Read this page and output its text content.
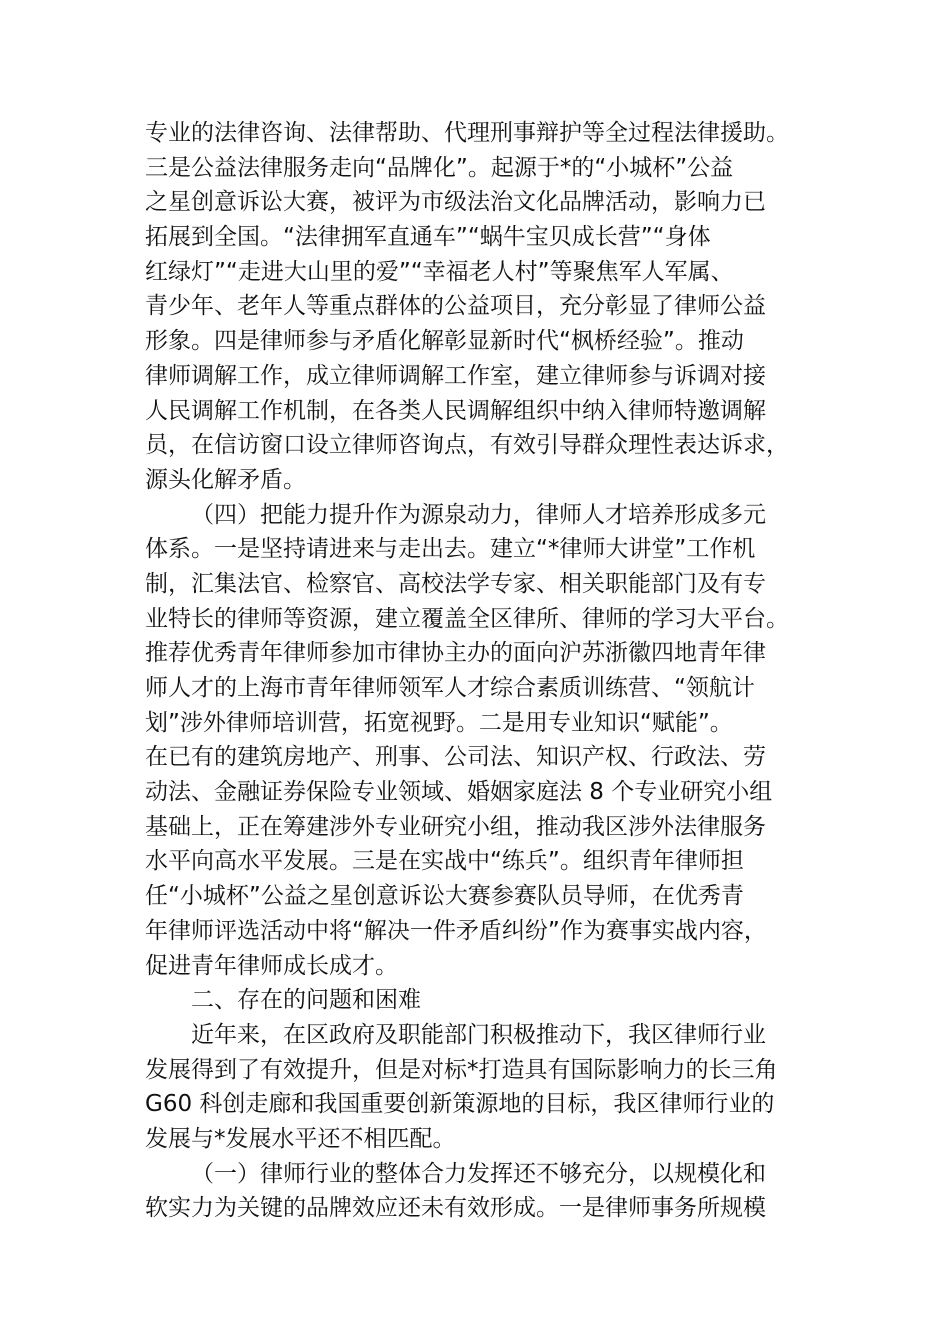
专业的法律咨询、法律帮助、代理刑事辩护等全过程法律援助。
三是公益法律服务走向“品牌化”。起源于*的“小城杯”公益
之星创意诉讼大赛，被评为市级法治文化品牌活动，影响力已
拓展到全国。“法律拥军直通车”“蜗牛宝贝成长营”“身体
红绿灯”“走进大山里的爱”“幸福老人村”等聚焦军人军属、
青少年、老年人等重点群体的公益项目，充分彰显了律师公益
形象。四是律师参与矛盾化解彰显新时代“枫桥经验”。推动
律师调解工作，成立律师调解工作室，建立律师参与诉调对接
人民调解工作机制，在各类人民调解组织中纳入律师特邀调解
员，在信访窗口设立律师咨询点，有效引导群众理性表达诉求，
源头化解矛盾。
（四）把能力提升作为源泉动力，律师人才培养形成多元
体系。一是坚持请进来与走出去。建立“*律师大讲堂”工作机
制，汇集法官、检察官、高校法学专家、相关职能部门及有专
业特长的律师等资源，建立覆盖全区律所、律师的学习大平台。
推荐优秀青年律师参加市律协主办的面向沪苏浙徽四地青年律
师人才的上海市青年律师领军人才综合素质训练营、“领航计
划”涉外律师培训营，拓宽视野。二是用专业知识“赋能”。
在已有的建筑房地产、刑事、公司法、知识产权、行政法、劳
动法、金融证券保险专业领域、婚姻家庭法 8 个专业研究小组
基础上，正在筹建涉外专业研究小组，推动我区涉外法律服务
水平向高水平发展。三是在实战中“练兵”。组织青年律师担
任“小城杯”公益之星创意诉讼大赛参赛队员导师，在优秀青
年律师评选活动中将“解决一件矛盾纠纷”作为赛事实战内容，
促进青年律师成长成才。
二、存在的问题和困难
近年来，在区政府及职能部门积极推动下，我区律师行业
发展得到了有效提升，但是对标*打造具有国际影响力的长三角
G60 科创走廊和我国重要创新策源地的目标，我区律师行业的
发展与*发展水平还不相匹配。
（一）律师行业的整体合力发挥还不够充分，以规模化和
软实力为关键的品牌效应还未有效形成。一是律师事务所规模
